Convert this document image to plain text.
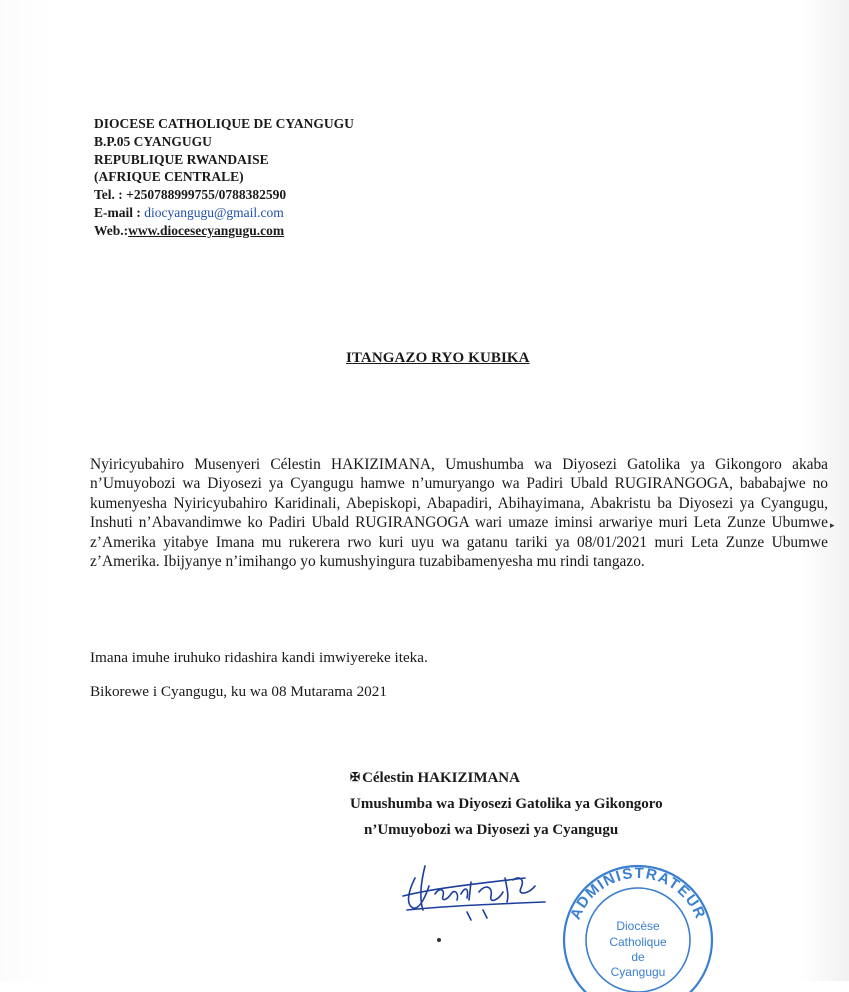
DIOCESE CATHOLIQUE DE CYANGUGU
B.P.05 CYANGUGU
REPUBLIQUE RWANDAISE
(AFRIQUE CENTRALE)
Tel. : +250788999755/0788382590
E-mail : diocyangugu@gmail.com
Web.:www.diocesecyangugu.com
ITANGAZO RYO KUBIKA
Nyiricyubahiro Musenyeri Célestin HAKIZIMANA, Umushumba wa Diyosezi Gatolika ya Gikongoro akaba n’Umuyobozi wa Diyosezi ya Cyangugu hamwe n’umuryango wa Padiri Ubald RUGIRANGOGA, bababajwe no kumenyesha Nyiricyubahiro Karidinali, Abepiskopi, Abapadiri, Abihayimana, Abakristu ba Diyosezi ya Cyangugu, Inshuti n’Abavandimwe ko Padiri Ubald RUGIRANGOGA wari umaze iminsi arwariye muri Leta Zunze Ubumwe z’Amerika yitabye Imana mu rukerera rwo kuri uyu wa gatanu tariki ya 08/01/2021 muri Leta Zunze Ubumwe z’Amerika. Ibijyanye n’imihango yo kumushyingura tuzabibamenyesha mu rindi tangazo.
▸
Imana imuhe iruhuko ridashira kandi imwiyereke iteka.
Bikorewe i Cyangugu, ku wa 08 Mutarama 2021
✠ Célestin HAKIZIMANA
Umushumba wa Diyosezi Gatolika ya Gikongoro
n’Umuyobozi wa Diyosezi ya Cyangugu
ADMINISTRATEUR
Diocèse
Catholique
de
Cyangugu
